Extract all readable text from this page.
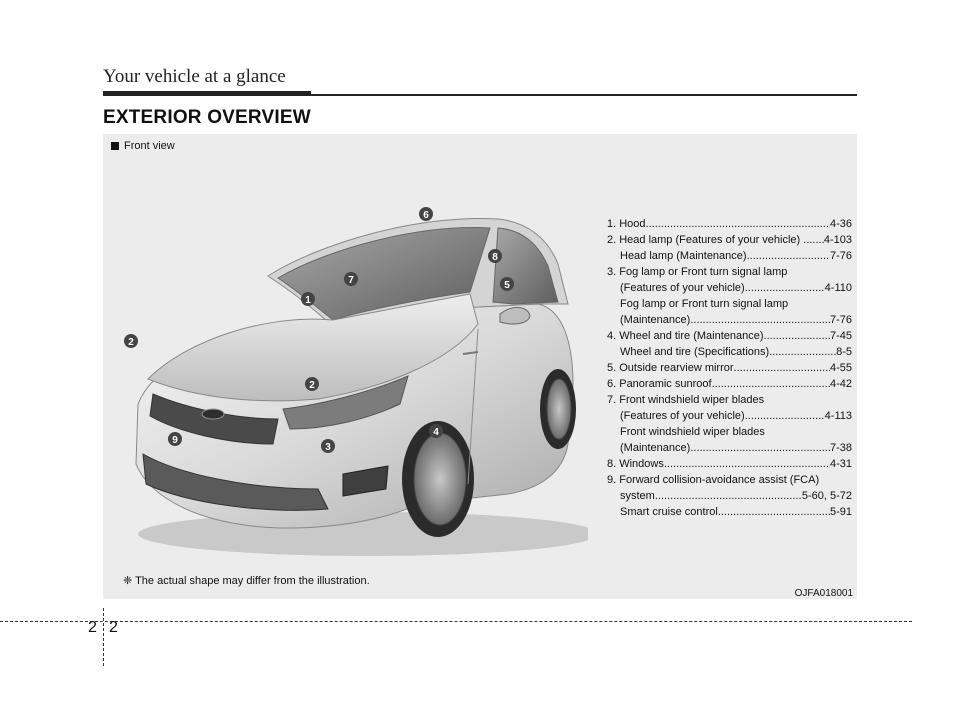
Your vehicle at a glance
EXTERIOR OVERVIEW
Front view
6
8
7	5
1
2
2
4
9
3
1. Hood .....	4-36
2. Head lamp (Features of your vehicle) . ..... 4-103
Head lamp (Maintenance) .....	7-76
3. Fog lamp or Front turn signal lamp
(Features of your vehicle) .....	4-110
Fog lamp or Front turn signal lamp
(Maintenance) .....	7-76
4. Wheel and tire (Maintenance) .....	7-45
Wheel and tire (Specifications) .....	8-5
5. Outside rearview mirror .....	4-55
6. Panoramic sunroof .....	4-42
7. Front windshield wiper blades
(Features of your vehicle) .....	4-113
Front windshield wiper blades
(Maintenance) .....	7-38
8. Windows .....	4-31
9. Forward collision-avoidance assist (FCA)
system .....	5-60, 5-72
Smart cruise control .....	5-91
❈ The actual shape may differ from the illustration.
OJFA018001
2 2
